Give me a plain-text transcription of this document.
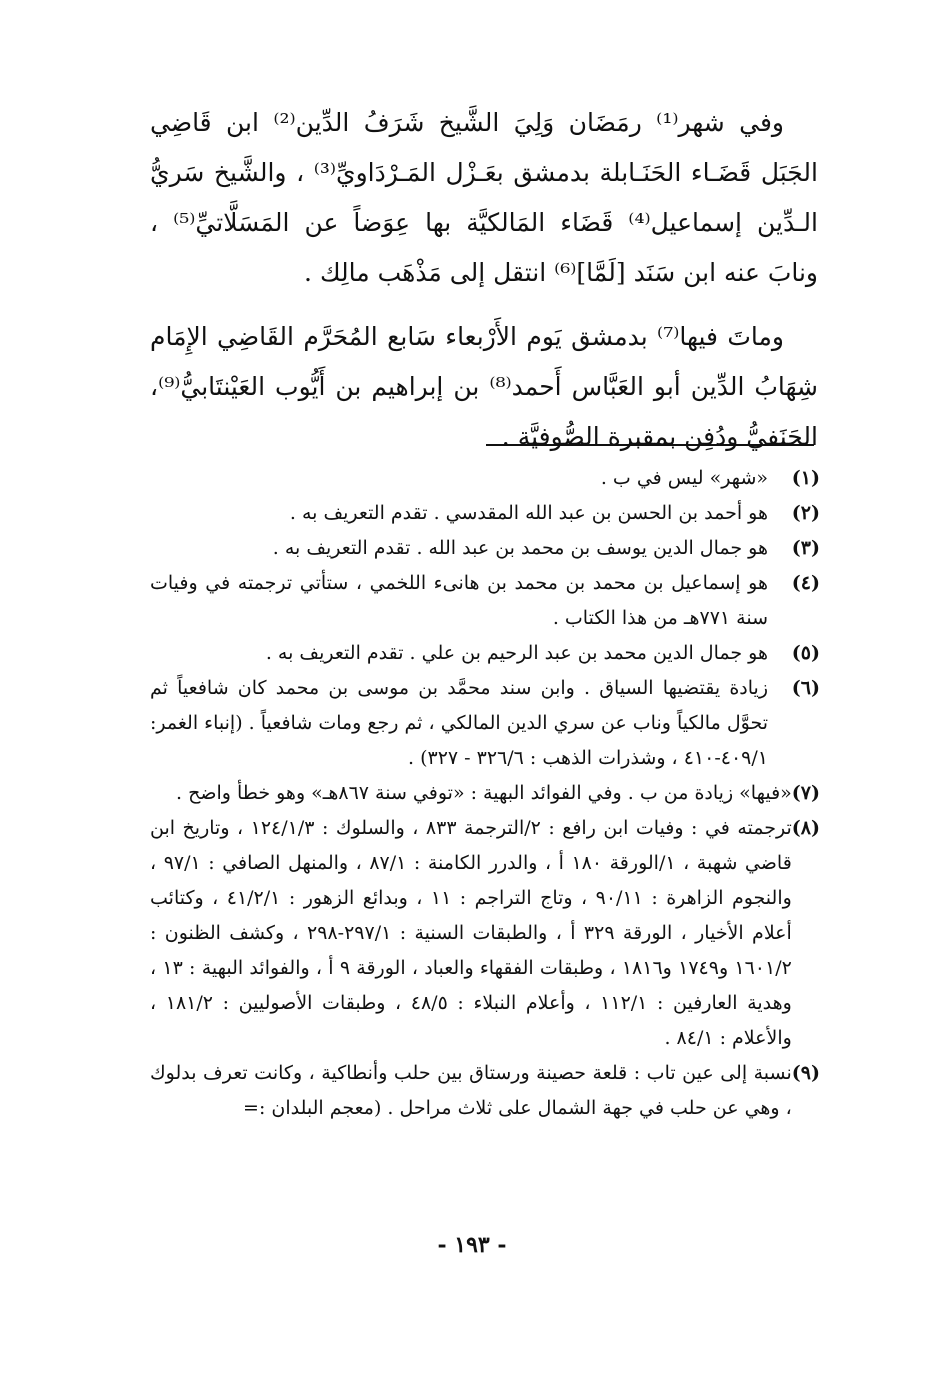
وفي شهر⁽¹⁾ رمَضَان وَلِيَ الشَّيخ شَرَفُ الدِّين⁽²⁾ ابن قَاضِي الجَبَل قَضَـاء الحَنَـابلة بدمشق بعَـزْل المَـرْدَاويِّ⁽³⁾ ، والشَّيخ سَريُّ الـدِّين إسماعيل⁽⁴⁾ قَضَاء المَالكيَّة بها عِوَضاً عن المَسَلَّاتيِّ⁽⁵⁾ ، ونابَ عنه ابن سَنَد [لَمَّا]⁽⁶⁾ انتقل إلى مَذْهَب مالِك .

وماتَ فيها⁽⁷⁾ بدمشق يَوم الأَرْبعاء سَابع المُحَرَّم القَاضِي الإِمَام شِهَابُ الدِّين أبو العَبَّاس أَحمد⁽⁸⁾ بن إبراهيم بن أَيُّوب العَيْنتَابيُّ⁽⁹⁾، الحَنَفيُّ ودُفِن بمقبرة الصُّوفيَّة .

(١)
«شهر» ليس في ب .
(٢)
هو أحمد بن الحسن بن عبد الله المقدسي . تقدم التعريف به .
(٣)
هو جمال الدين يوسف بن محمد بن عبد الله . تقدم التعريف به .
(٤)
هو إسماعيل بن محمد بن محمد بن هانىء اللخمي ، ستأتي ترجمته في وفيات سنة ٧٧١هـ من هذا الكتاب .
(٥)
هو جمال الدين محمد بن عبد الرحيم بن علي . تقدم التعريف به .
(٦)
زيادة يقتضيها السياق . وابن سند محمَّد بن موسى بن محمد كان شافعياً ثم تحوَّل مالكياً وناب عن سري الدين المالكي ، ثم رجع ومات شافعياً . (إنباء الغمر: ٤٠٩/١-٤١٠ ، وشذرات الذهب : ٣٢٦/٦ - ٣٢٧) .
(٧)
«فيها» زيادة من ب . وفي الفوائد البهية : «توفي سنة ٨٦٧هـ» وهو خطأ واضح .
(٨)
ترجمته في : وفيات ابن رافع : ٢/الترجمة ٨٣٣ ، والسلوك : ١٢٤/١/٣ ، وتاريخ ابن قاضي شهبة ، ١/الورقة ١٨٠ أ ، والدرر الكامنة : ٨٧/١ ، والمنهل الصافي : ٩٧/١ ، والنجوم الزاهرة : ٩٠/١١ ، وتاج التراجم : ١١ ، وبدائع الزهور : ٤١/٢/١ ، وكتائب أعلام الأخيار ، الورقة ٣٢٩ أ ، والطبقات السنية : ٢٩٧/١-٢٩٨ ، وكشف الظنون : ١٦٠١/٢ و١٧٤٩ و١٨١٦ ، وطبقات الفقهاء والعباد ، الورقة ٩ أ ، والفوائد البهية : ١٣ ، وهدية العارفين : ١١٢/١ ، وأعلام النبلاء : ٤٨/٥ ، وطبقات الأصوليين : ١٨١/٢ ، والأعلام : ٨٤/١ .
(٩)
نسبة إلى عين تاب : قلعة حصينة ورستاق بين حلب وأنطاكية ، وكانت تعرف بدلوك ، وهي عن حلب في جهة الشمال على ثلاث مراحل . (معجم البلدان :=
- ١٩٣ -
